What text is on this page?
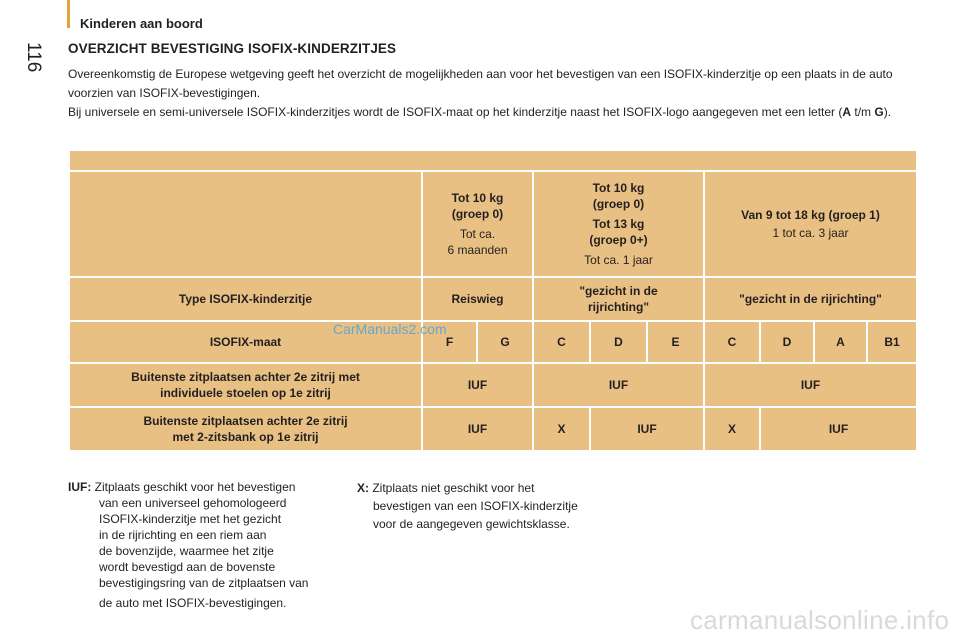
Kinderen aan boord
116 OVERZICHT BEVESTIGING ISOFIX-KINDERZITJES
Overeenkomstig de Europese wetgeving geeft het overzicht de mogelijkheden aan voor het bevestigen van een ISOFIX-kinderzitje op een plaats in de auto voorzien van ISOFIX-bevestigingen.
Bij universele en semi-universele ISOFIX-kinderzitjes wordt de ISOFIX-maat op het kinderzitje naast het ISOFIX-logo aangegeven met een letter (A t/m G).

	Tot 10 kg
(groep 0)
Tot ca.
6 maanden		Tot 10 kg
(groep 0)
Tot 13 kg
(groep 0+)
Tot ca. 1 jaar			Van 9 tot 18 kg (groep 1)
1 tot ca. 3 jaar			

Type ISOFIX-kinderzitje	Reiswieg		"gezicht in de rijrichting"			"gezicht in de rijrichting"			
ISOFIX-maat	F	G	C	D	E	C	D	A	B1
Buitenste zitplaatsen achter 2e zitrij met individuele stoelen op 1e zitrij	IUF		IUF			IUF			
Buitenste zitplaatsen achter 2e zitrij met 2-zitsbank op 1e zitrij	IUF		X	IUF		X	IUF		
CarManuals2.com
IUF: Zitplaats geschikt voor het bevestigen
van een universeel gehomologeerd
ISOFIX-kinderzitje met het gezicht
in de rijrichting en een riem aan
de bovenzijde, waarmee het zitje
wordt bevestigd aan de bovenste
bevestigingsring van de zitplaatsen van
de auto met ISOFIX-bevestigingen.
X: Zitplaats niet geschikt voor het
bevestigen van een ISOFIX-kinderzitje
voor de aangegeven gewichtsklasse.
carmanualsonline.info
